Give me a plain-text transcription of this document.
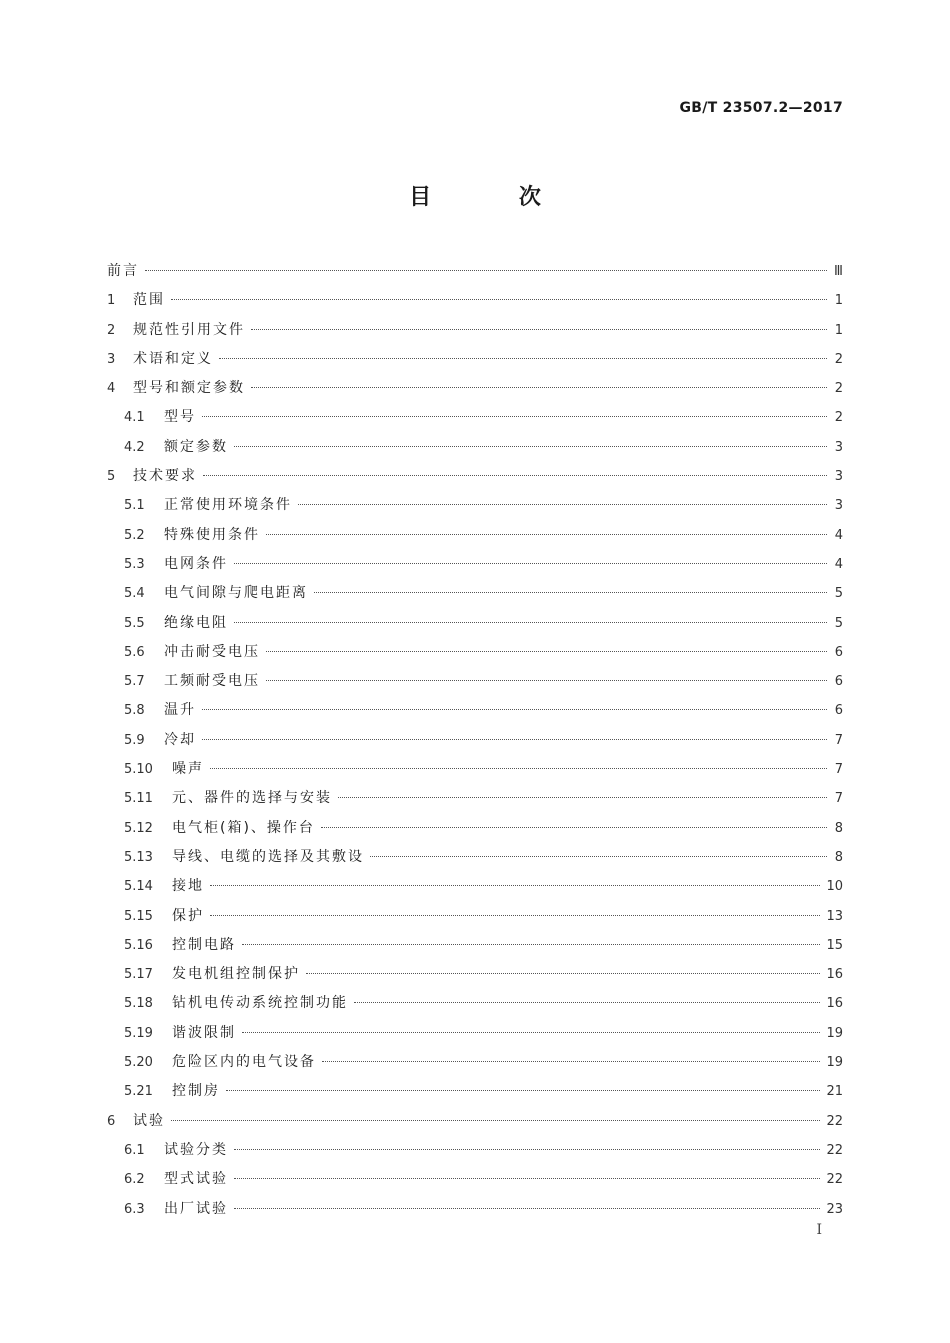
GB/T 23507.2—2017
目 次
前言	Ⅲ
1	范围	1
2	规范性引用文件	1
3	术语和定义	2
4	型号和额定参数	2
4.1	型号	2
4.2	额定参数	3
5	技术要求	3
5.1	正常使用环境条件	3
5.2	特殊使用条件	4
5.3	电网条件	4
5.4	电气间隙与爬电距离	5
5.5	绝缘电阻	5
5.6	冲击耐受电压	6
5.7	工频耐受电压	6
5.8	温升	6
5.9	冷却	7
5.10	噪声	7
5.11	元、器件的选择与安装	7
5.12	电气柜(箱)、操作台	8
5.13	导线、电缆的选择及其敷设	8
5.14	接地	10
5.15	保护	13
5.16	控制电路	15
5.17	发电机组控制保护	16
5.18	钻机电传动系统控制功能	16
5.19	谐波限制	19
5.20	危险区内的电气设备	19
5.21	控制房	21
6	试验	22
6.1	试验分类	22
6.2	型式试验	22
6.3	出厂试验	23
Ⅰ
